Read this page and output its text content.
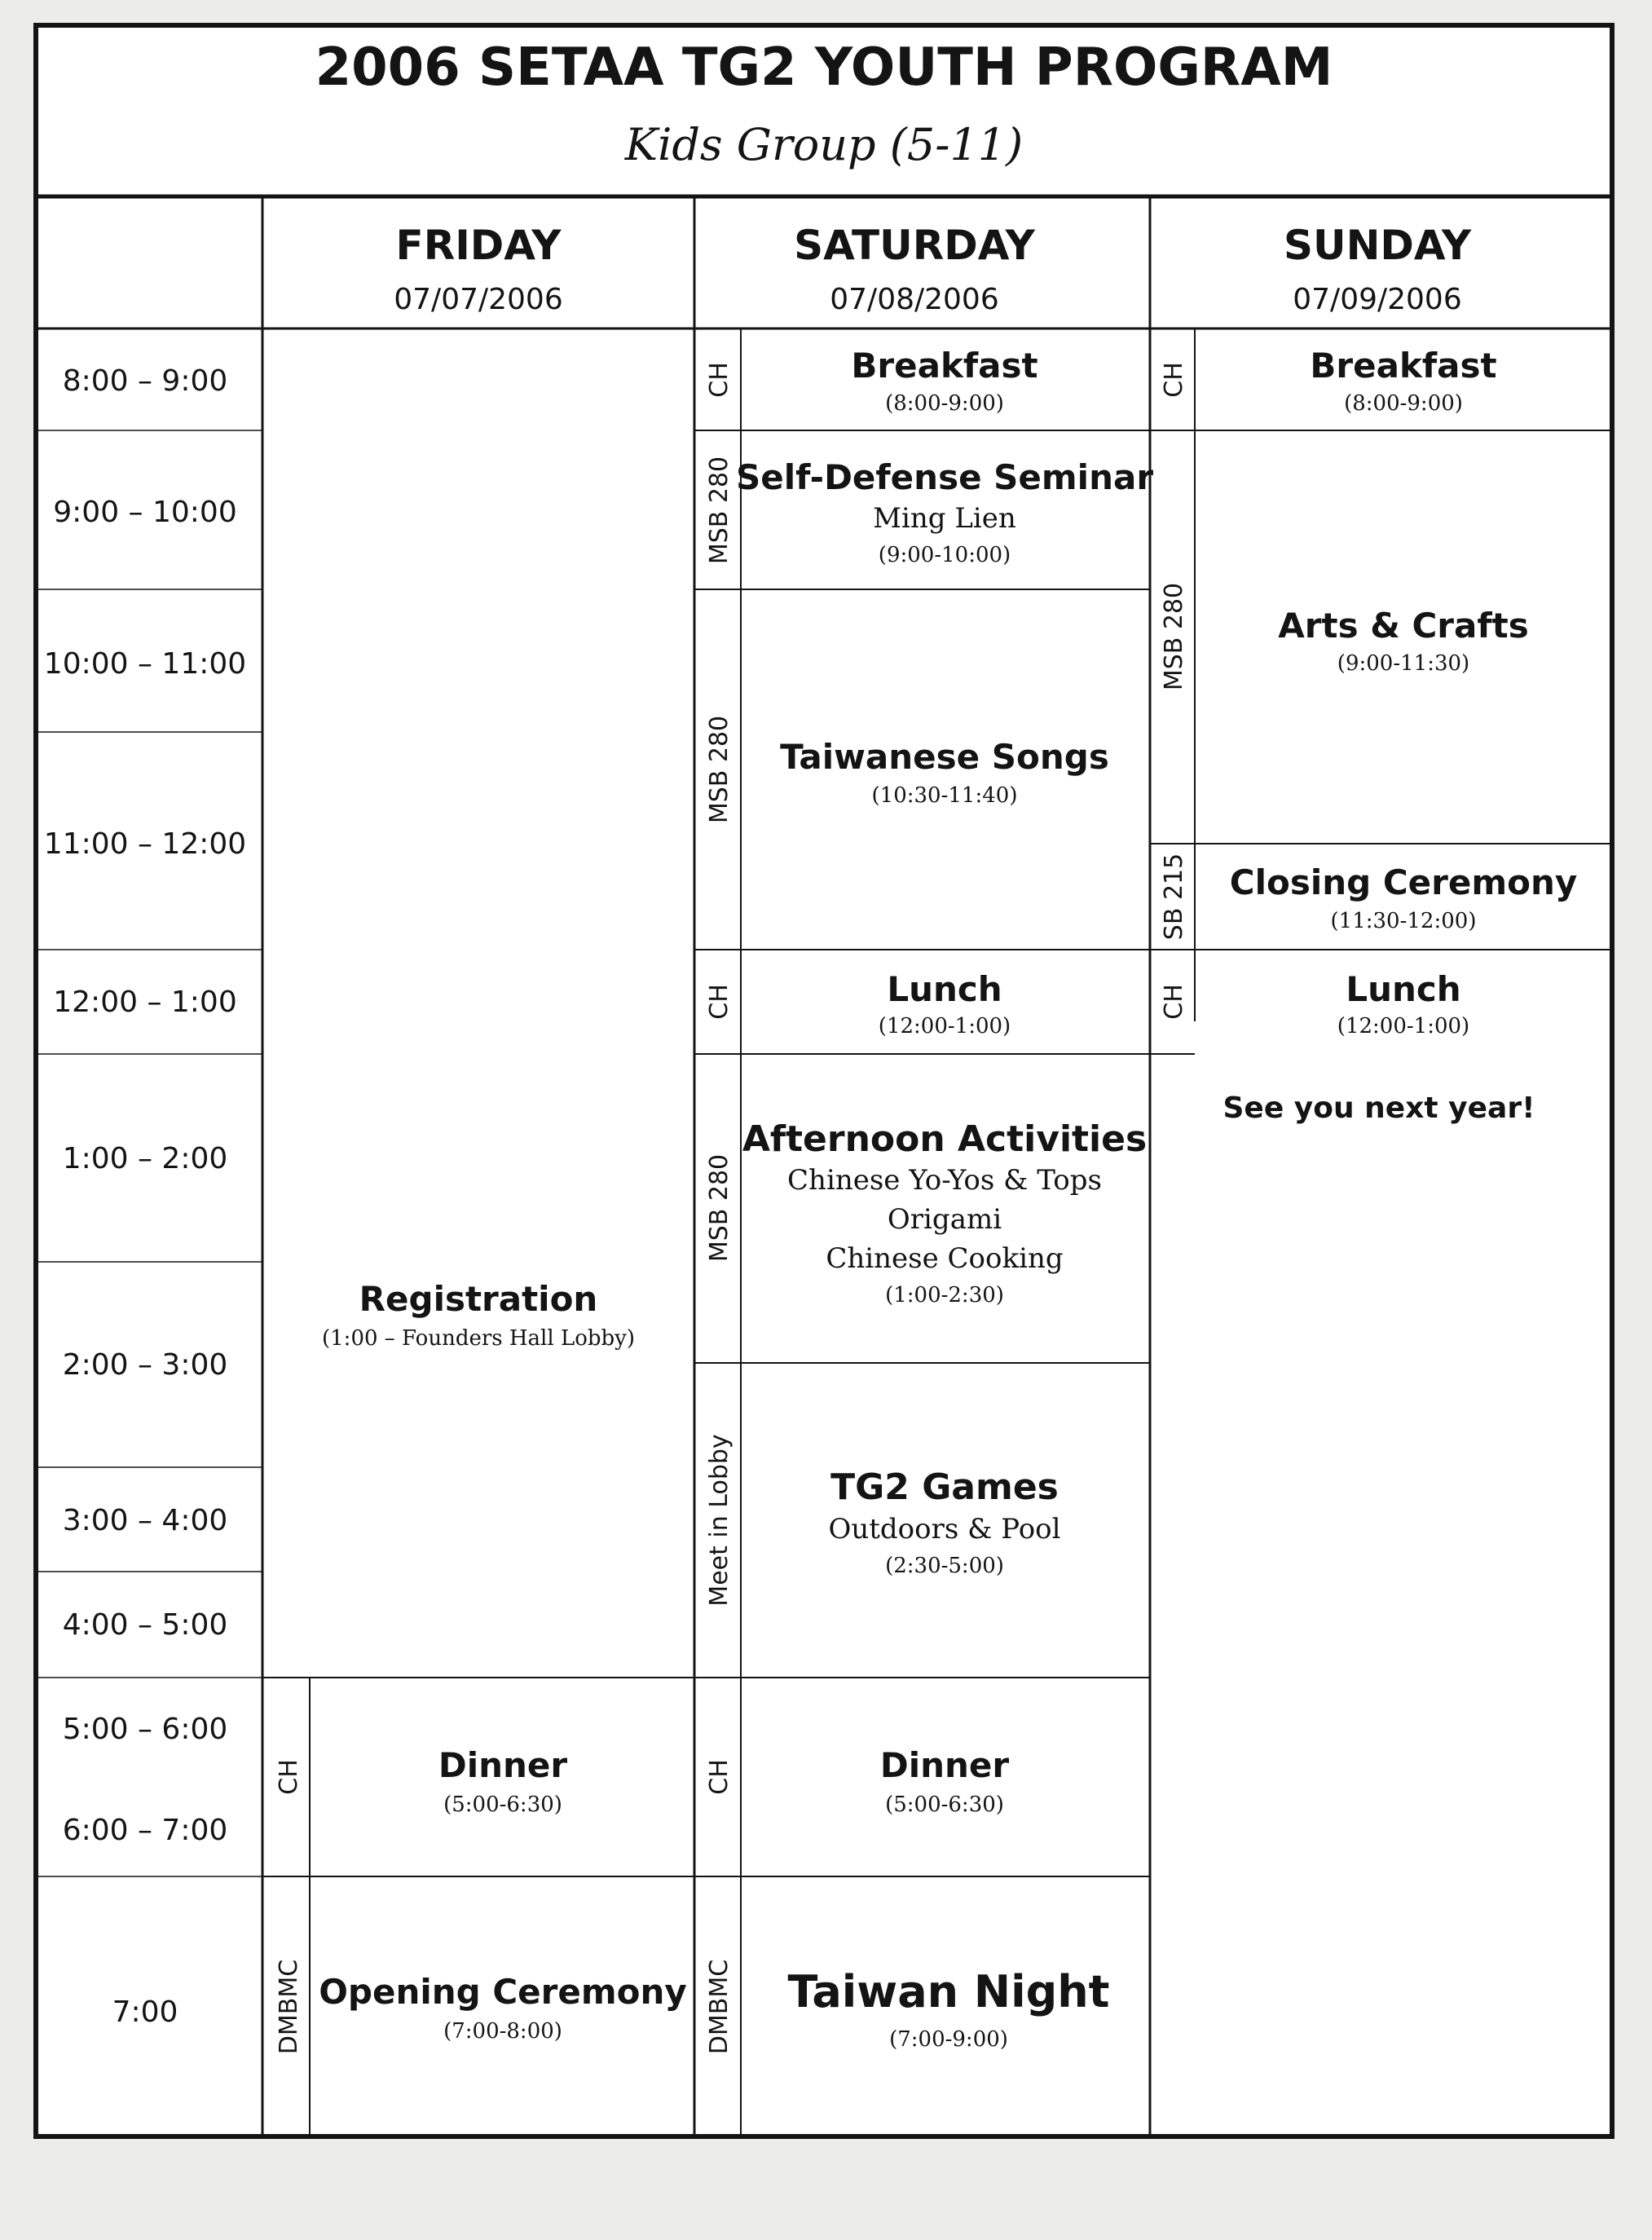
2006 SETAA TG2 YOUTH PROGRAM
Kids Group (5-11)
FRIDAY
07/07/2006
SATURDAY
07/08/2006
SUNDAY
07/09/2006
8:00 – 9:00
9:00 – 10:00
10:00 – 11:00
11:00 – 12:00
12:00 – 1:00
1:00 – 2:00
2:00 – 3:00
3:00 – 4:00
4:00 – 5:00
5:00 – 6:00
6:00 – 7:00
7:00
CH
DMBMC
CH
MSB 280
MSB 280
CH
MSB 280
Meet in Lobby
CH
DMBMC
CH
MSB 280
SB 215
CH
Registration
(1:00 – Founders Hall Lobby)
Dinner
(5:00-6:30)
Opening Ceremony
(7:00-8:00)
Breakfast
(8:00-9:00)
Self-Defense Seminar
Ming Lien
(9:00-10:00)
Taiwanese Songs
(10:30-11:40)
Lunch
(12:00-1:00)
Afternoon Activities
Chinese Yo-Yos & Tops
Origami
Chinese Cooking
(1:00-2:30)
TG2 Games
Outdoors & Pool
(2:30-5:00)
Dinner
(5:00-6:30)
Taiwan Night
(7:00-9:00)
Breakfast
(8:00-9:00)
Arts & Crafts
(9:00-11:30)
Closing Ceremony
(11:30-12:00)
Lunch
(12:00-1:00)
See you next year!
